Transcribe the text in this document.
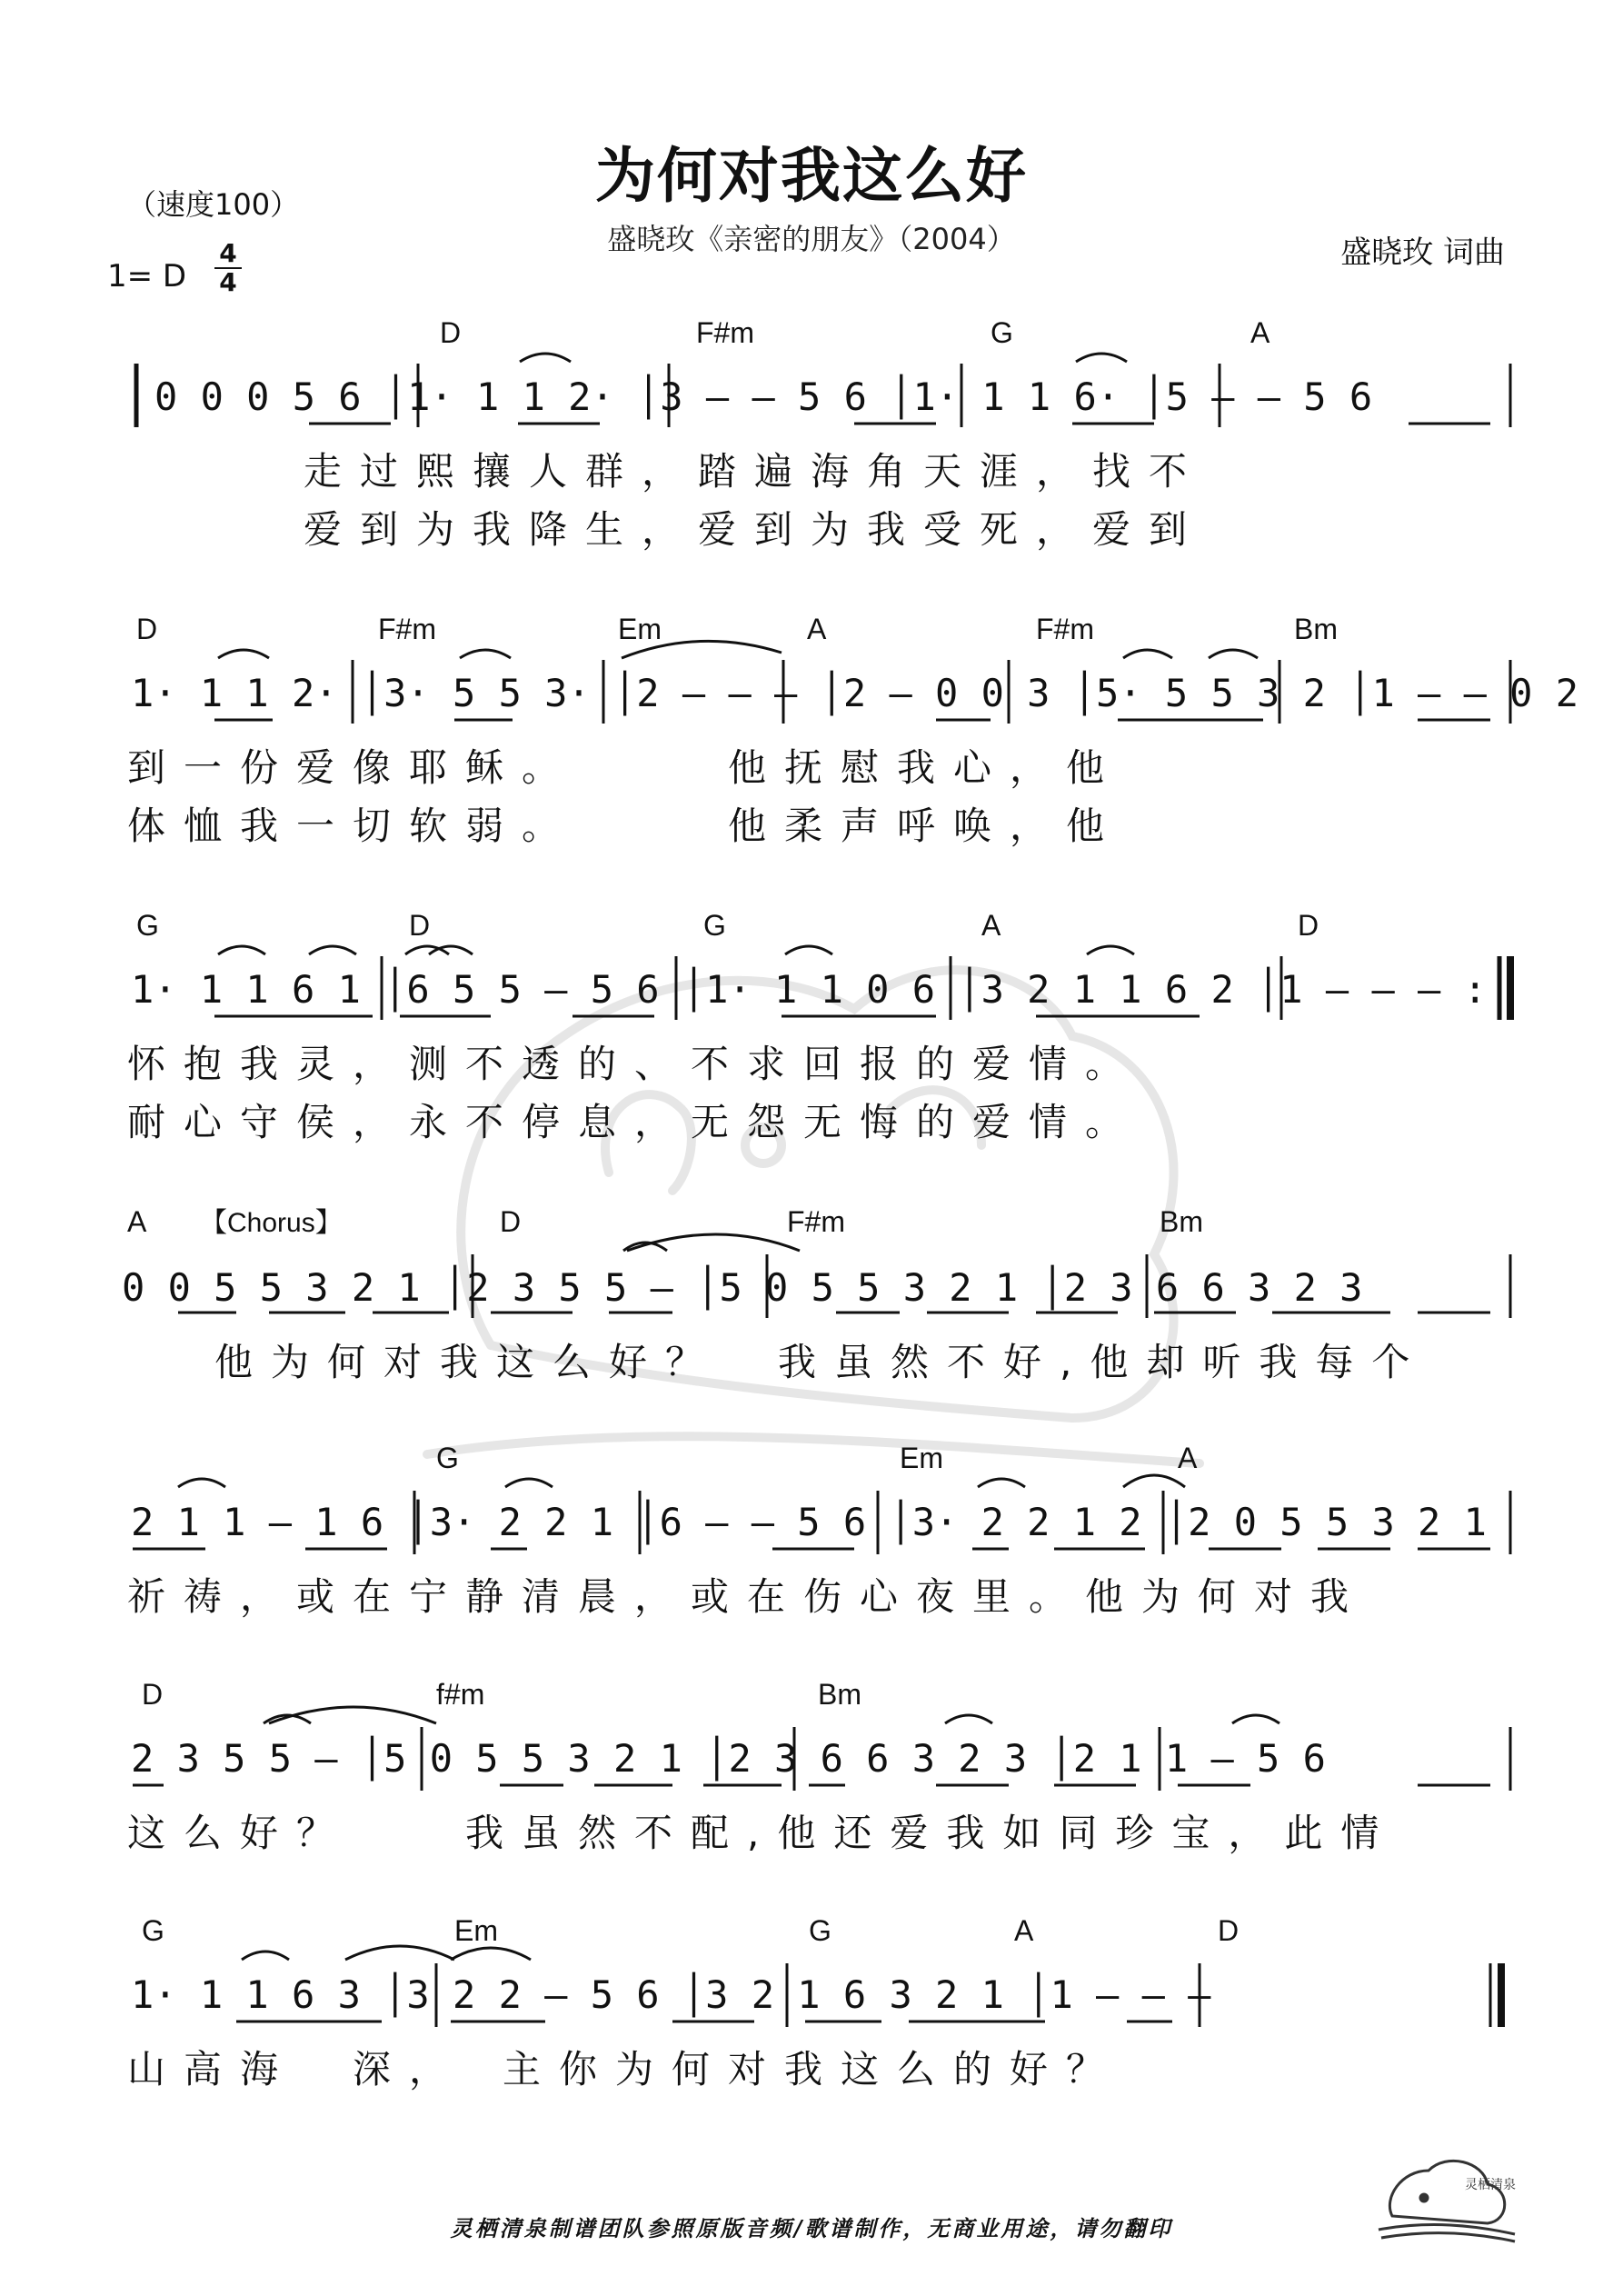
为何对我这么好
盛晓玫《亲密的朋友》（2004）
（速度100）
1= D
4
4
盛晓玫 词曲
D	F#m	G	A
0 0 0 5 6 │1· 1 1 2· │3 — — 5 6 │1· 1 1 6· │5 — — 5 6
走过熙攘人群，踏遍海角天涯，找不
爱到为我降生，爱到为我受死，爱到
D	F#m	Em	A	F#m	Bm
1· 1 1 2· │3· 5 5 3· │2 — — — │2 — 0 0 3 │5· 5 5 3 2 │1 — — 0 2
到一份爱像耶稣。　　　他抚慰我心，他
体恤我一切软弱。　　　他柔声呼唤，他
G	D	G	A	D
1· 1 1 6 1 │6 5 5 — 5 6 │1· 1 1 0 6 │3 2 1 1 6 2 │1 — — — :
怀抱我灵，测不透的、不求回报的爱情。
耐心守侯，永不停息，无怨无悔的爱情。
A 【Chorus】	D	F#m	Bm
0 0 5 5 3 2 1 │2 3 5 5 — │5 0 5 5 3 2 1 │2 3 6 6 3 2 3
他为何对我这么好？　我虽然不好,他却听我每个
G	Em	A
2 1 1 — 1 6 │3· 2 2 1 │6 — — 5 6 │3· 2 2 1 2 │2 0 5 5 3 2 1
祈祷，或在宁静清晨，或在伤心夜里。他为何对我
D	f#m	Bm
2 3 5 5 — │5 0 5 5 3 2 1 │2 3 6 6 3 2 3 │2 1 1 — 5 6
这么好？　　我虽然不配,他还爱我如同珍宝，此情
G	Em	G	A	D
1· 1 1 6 3 │3 2 2 — 5 6 │3 2 1 6 3 2 1 │1 — — —
山高海　深，　主你为何对我这么的好？
灵栖清泉制谱团队参照原版音频/歌谱制作，无商业用途，请勿翻印
灵栖清泉
